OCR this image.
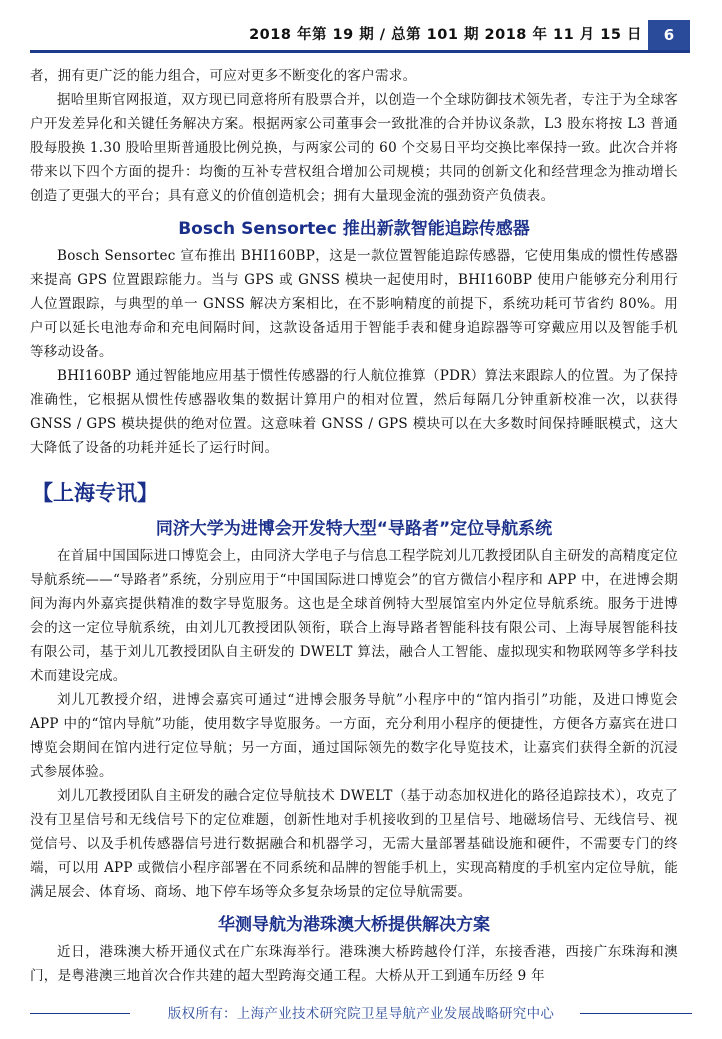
2018 年第 19 期 / 总第 101 期 2018 年 11 月 15 日	6

者，拥有更广泛的能力组合，可应对更多不断变化的客户需求。

据哈里斯官网报道，双方现已同意将所有股票合并，以创造一个全球防御技术领先者，专注于为全球客户开发差异化和关键任务解决方案。根据两家公司董事会一致批准的合并协议条款，L3 股东将按 L3 普通股每股换 1.30 股哈里斯普通股比例兑换，与两家公司的 60 个交易日平均交换比率保持一致。此次合并将带来以下四个方面的提升：均衡的互补专营权组合增加公司规模；共同的创新文化和经营理念为推动增长创造了更强大的平台；具有意义的价值创造机会；拥有大量现金流的强劲资产负债表。

Bosch Sensortec 推出新款智能追踪传感器

Bosch Sensortec 宣布推出 BHI160BP，这是一款位置智能追踪传感器，它使用集成的惯性传感器来提高 GPS 位置跟踪能力。当与 GPS 或 GNSS 模块一起使用时，BHI160BP 使用户能够充分利用行人位置跟踪，与典型的单一 GNSS 解决方案相比，在不影响精度的前提下，系统功耗可节省约 80%。用户可以延长电池寿命和充电间隔时间，这款设备适用于智能手表和健身追踪器等可穿戴应用以及智能手机等移动设备。

BHI160BP 通过智能地应用基于惯性传感器的行人航位推算（PDR）算法来跟踪人的位置。为了保持准确性，它根据从惯性传感器收集的数据计算用户的相对位置，然后每隔几分钟重新校准一次，以获得 GNSS / GPS 模块提供的绝对位置。这意味着 GNSS / GPS 模块可以在大多数时间保持睡眠模式，这大大降低了设备的功耗并延长了运行时间。

【上海专讯】
同济大学为进博会开发特大型“导路者”定位导航系统

在首届中国国际进口博览会上，由同济大学电子与信息工程学院刘儿兀教授团队自主研发的高精度定位导航系统——“导路者”系统，分别应用于“中国国际进口博览会”的官方微信小程序和 APP 中，在进博会期间为海内外嘉宾提供精准的数字导览服务。这也是全球首例特大型展馆室内外定位导航系统。服务于进博会的这一定位导航系统，由刘儿兀教授团队领衔，联合上海导路者智能科技有限公司、上海导展智能科技有限公司，基于刘儿兀教授团队自主研发的 DWELT 算法，融合人工智能、虚拟现实和物联网等多学科技术而建设完成。

刘儿兀教授介绍，进博会嘉宾可通过“进博会服务导航”小程序中的“馆内指引”功能，及进口博览会 APP 中的“馆内导航”功能，使用数字导览服务。一方面，充分利用小程序的便捷性，方便各方嘉宾在进口博览会期间在馆内进行定位导航；另一方面，通过国际领先的数字化导览技术，让嘉宾们获得全新的沉浸式参展体验。

刘儿兀教授团队自主研发的融合定位导航技术 DWELT（基于动态加权进化的路径追踪技术），攻克了没有卫星信号和无线信号下的定位难题，创新性地对手机接收到的卫星信号、地磁场信号、无线信号、视觉信号、以及手机传感器信号进行数据融合和机器学习，无需大量部署基础设施和硬件，不需要专门的终端，可以用 APP 或微信小程序部署在不同系统和品牌的智能手机上，实现高精度的手机室内定位导航，能满足展会、体育场、商场、地下停车场等众多复杂场景的定位导航需要。

华测导航为港珠澳大桥提供解决方案

近日，港珠澳大桥开通仪式在广东珠海举行。港珠澳大桥跨越伶仃洋，东接香港，西接广东珠海和澳门，是粤港澳三地首次合作共建的超大型跨海交通工程。大桥从开工到通车历经 9 年

版权所有：上海产业技术研究院卫星导航产业发展战略研究中心
